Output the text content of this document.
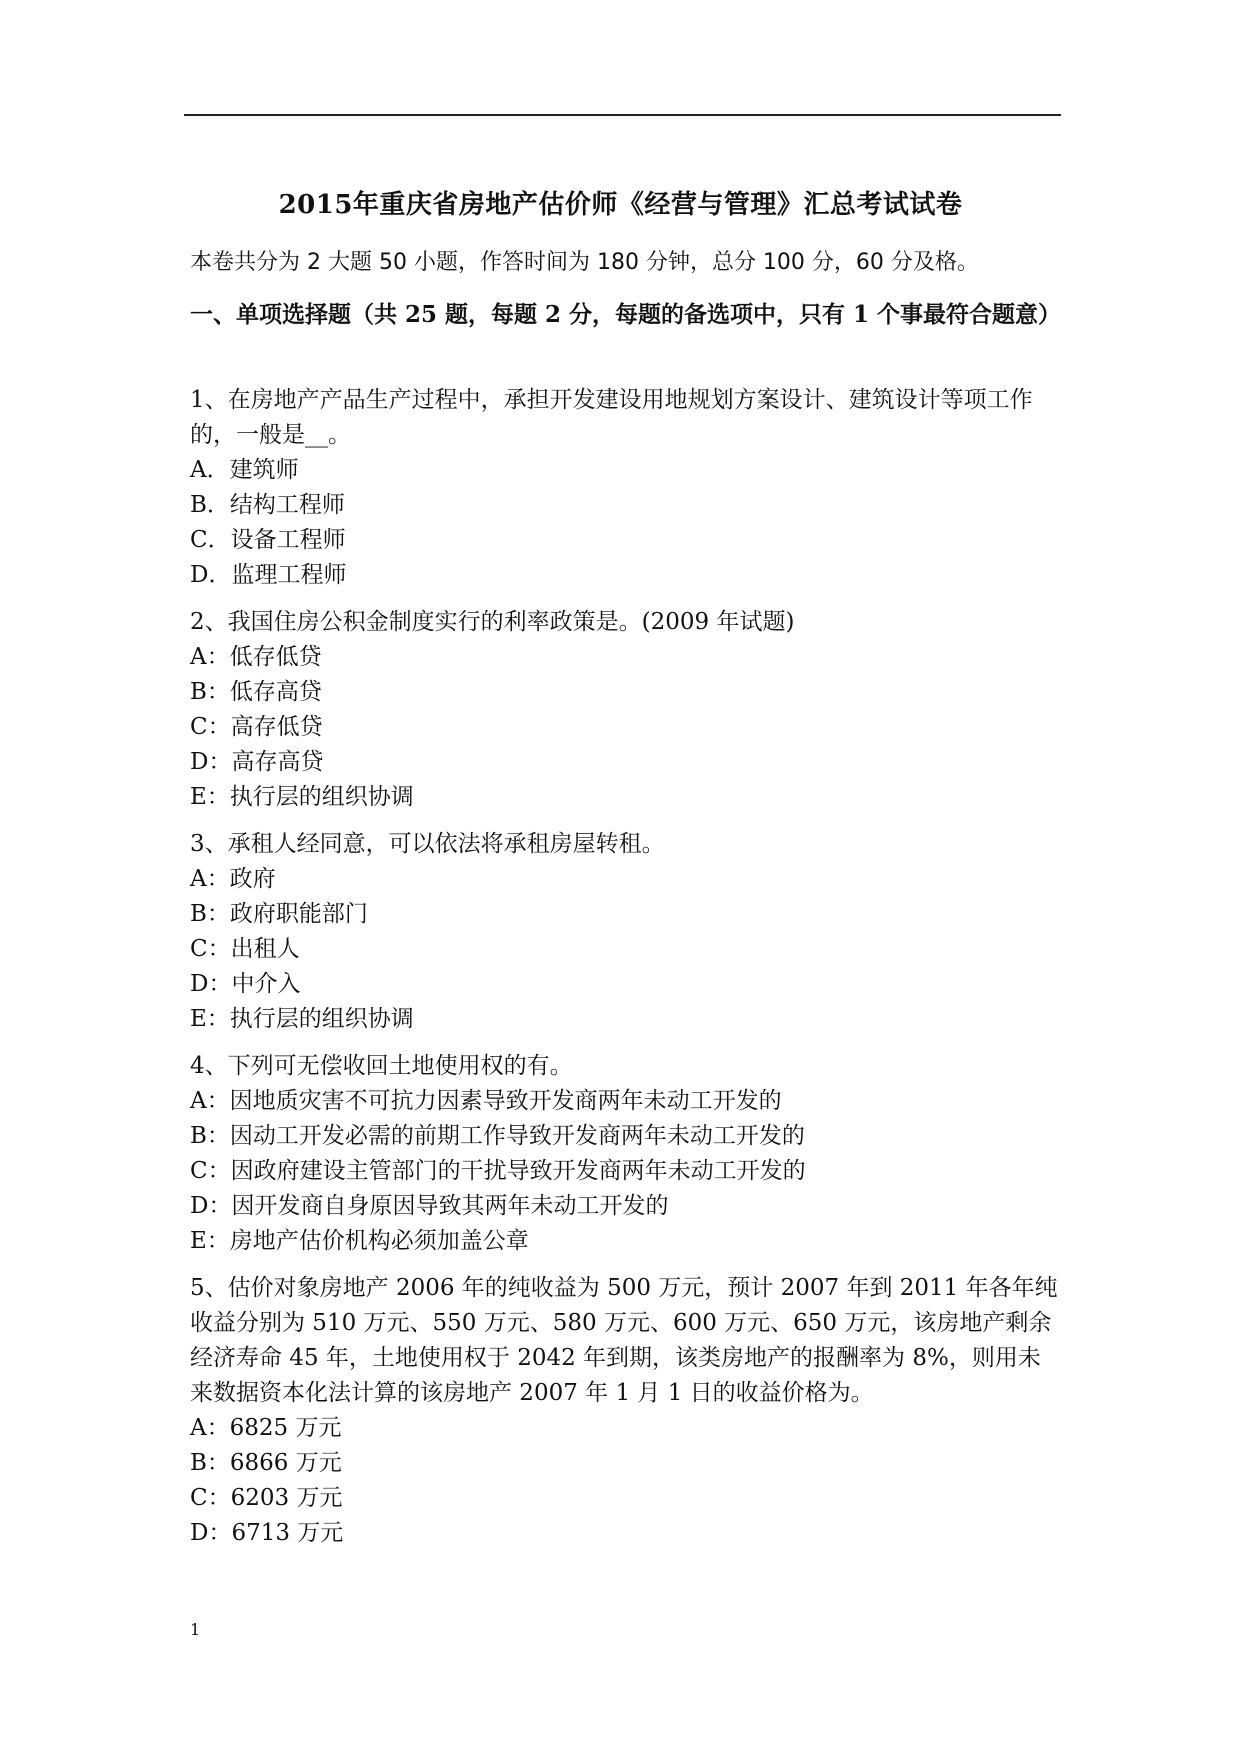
2015年重庆省房地产估价师《经营与管理》汇总考试试卷
本卷共分为 2 大题 50 小题，作答时间为 180 分钟，总分 100 分，60 分及格。
一、单项选择题（共 25 题，每题 2 分，每题的备选项中，只有 1 个事最符合题意）
1、在房地产产品生产过程中，承担开发建设用地规划方案设计、建筑设计等项工作的，一般是__。
A．建筑师
B．结构工程师
C．设备工程师
D．监理工程师
2、我国住房公积金制度实行的利率政策是。(2009 年试题)
A：低存低贷
B：低存高贷
C：高存低贷
D：高存高贷
E：执行层的组织协调
3、承租人经同意，可以依法将承租房屋转租。
A：政府
B：政府职能部门
C：出租人
D：中介入
E：执行层的组织协调
4、下列可无偿收回土地使用权的有。
A：因地质灾害不可抗力因素导致开发商两年未动工开发的
B：因动工开发必需的前期工作导致开发商两年未动工开发的
C：因政府建设主管部门的干扰导致开发商两年未动工开发的
D：因开发商自身原因导致其两年未动工开发的
E：房地产估价机构必须加盖公章
5、估价对象房地产 2006 年的纯收益为 500 万元，预计 2007 年到 2011 年各年纯收益分别为 510 万元、550 万元、580 万元、600 万元、650 万元，该房地产剩余经济寿命 45 年，土地使用权于 2042 年到期，该类房地产的报酬率为 8%，则用未来数据资本化法计算的该房地产 2007 年 1 月 1 日的收益价格为。
A：6825 万元
B：6866 万元
C：6203 万元
D：6713 万元
1
